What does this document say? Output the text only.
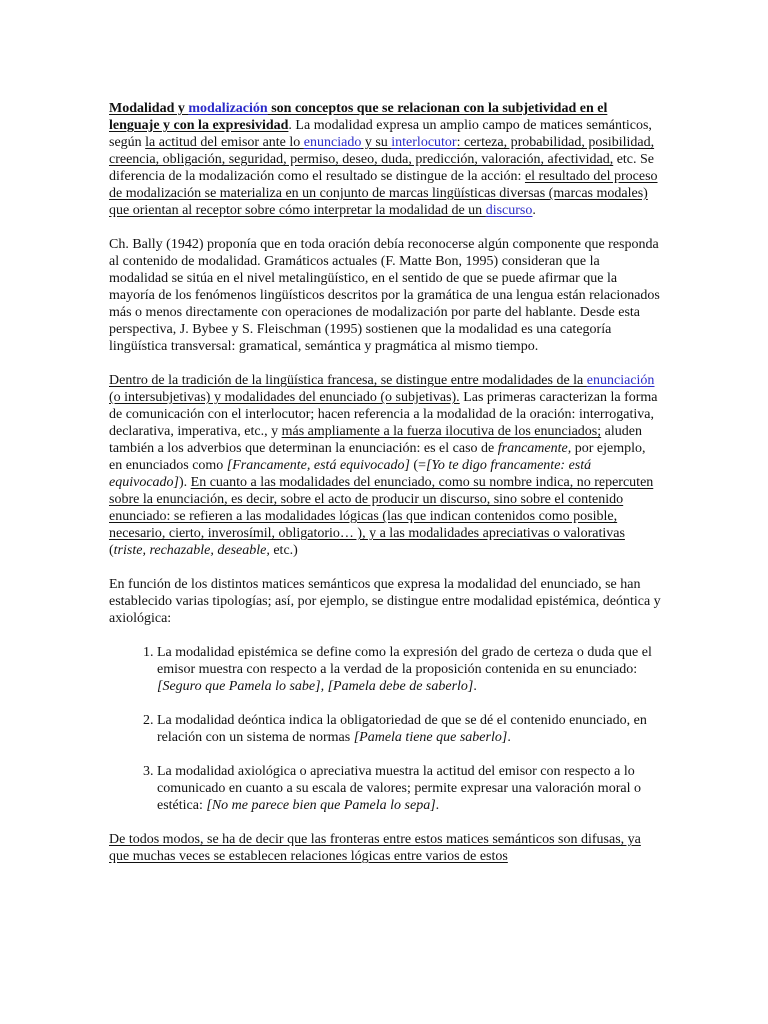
Modalidad y modalización son conceptos que se relacionan con la subjetividad en el lenguaje y con la expresividad. La modalidad expresa un amplio campo de matices semánticos, según la actitud del emisor ante lo enunciado y su interlocutor: certeza, probabilidad, posibilidad, creencia, obligación, seguridad, permiso, deseo, duda, predicción, valoración, afectividad, etc. Se diferencia de la modalización como el resultado se distingue de la acción: el resultado del proceso de modalización se materializa en un conjunto de marcas lingüísticas diversas (marcas modales) que orientan al receptor sobre cómo interpretar la modalidad de un discurso.

Ch. Bally (1942) proponía que en toda oración debía reconocerse algún componente que responda al contenido de modalidad. Gramáticos actuales (F. Matte Bon, 1995) consideran que la modalidad se sitúa en el nivel metalingüístico, en el sentido de que se puede afirmar que la mayoría de los fenómenos lingüísticos descritos por la gramática de una lengua están relacionados más o menos directamente con operaciones de modalización por parte del hablante. Desde esta perspectiva, J. Bybee y S. Fleischman (1995) sostienen que la modalidad es una categoría lingüística transversal: gramatical, semántica y pragmática al mismo tiempo.

Dentro de la tradición de la lingüística francesa, se distingue entre modalidades de la enunciación (o intersubjetivas) y modalidades del enunciado (o subjetivas). Las primeras caracterizan la forma de comunicación con el interlocutor; hacen referencia a la modalidad de la oración: interrogativa, declarativa, imperativa, etc., y más ampliamente a la fuerza ilocutiva de los enunciados; aluden también a los adverbios que determinan la enunciación: es el caso de francamente, por ejemplo, en enunciados como [Francamente, está equivocado] (=[Yo te digo francamente: está equivocado]). En cuanto a las modalidades del enunciado, como su nombre indica, no repercuten sobre la enunciación, es decir, sobre el acto de producir un discurso, sino sobre el contenido enunciado: se refieren a las modalidades lógicas (las que indican contenidos como posible, necesario, cierto, inverosímil, obligatorio… ), y a las modalidades apreciativas o valorativas (triste, rechazable, deseable, etc.)

En función de los distintos matices semánticos que expresa la modalidad del enunciado, se han establecido varias tipologías; así, por ejemplo, se distingue entre modalidad epistémica, deóntica y axiológica:

1. La modalidad epistémica se define como la expresión del grado de certeza o duda que el emisor muestra con respecto a la verdad de la proposición contenida en su enunciado: [Seguro que Pamela lo sabe], [Pamela debe de saberlo].
2. La modalidad deóntica indica la obligatoriedad de que se dé el contenido enunciado, en relación con un sistema de normas [Pamela tiene que saberlo].
3. La modalidad axiológica o apreciativa muestra la actitud del emisor con respecto a lo comunicado en cuanto a su escala de valores; permite expresar una valoración moral o estética: [No me parece bien que Pamela lo sepa].

De todos modos, se ha de decir que las fronteras entre estos matices semánticos son difusas, ya que muchas veces se establecen relaciones lógicas entre varios de estos
